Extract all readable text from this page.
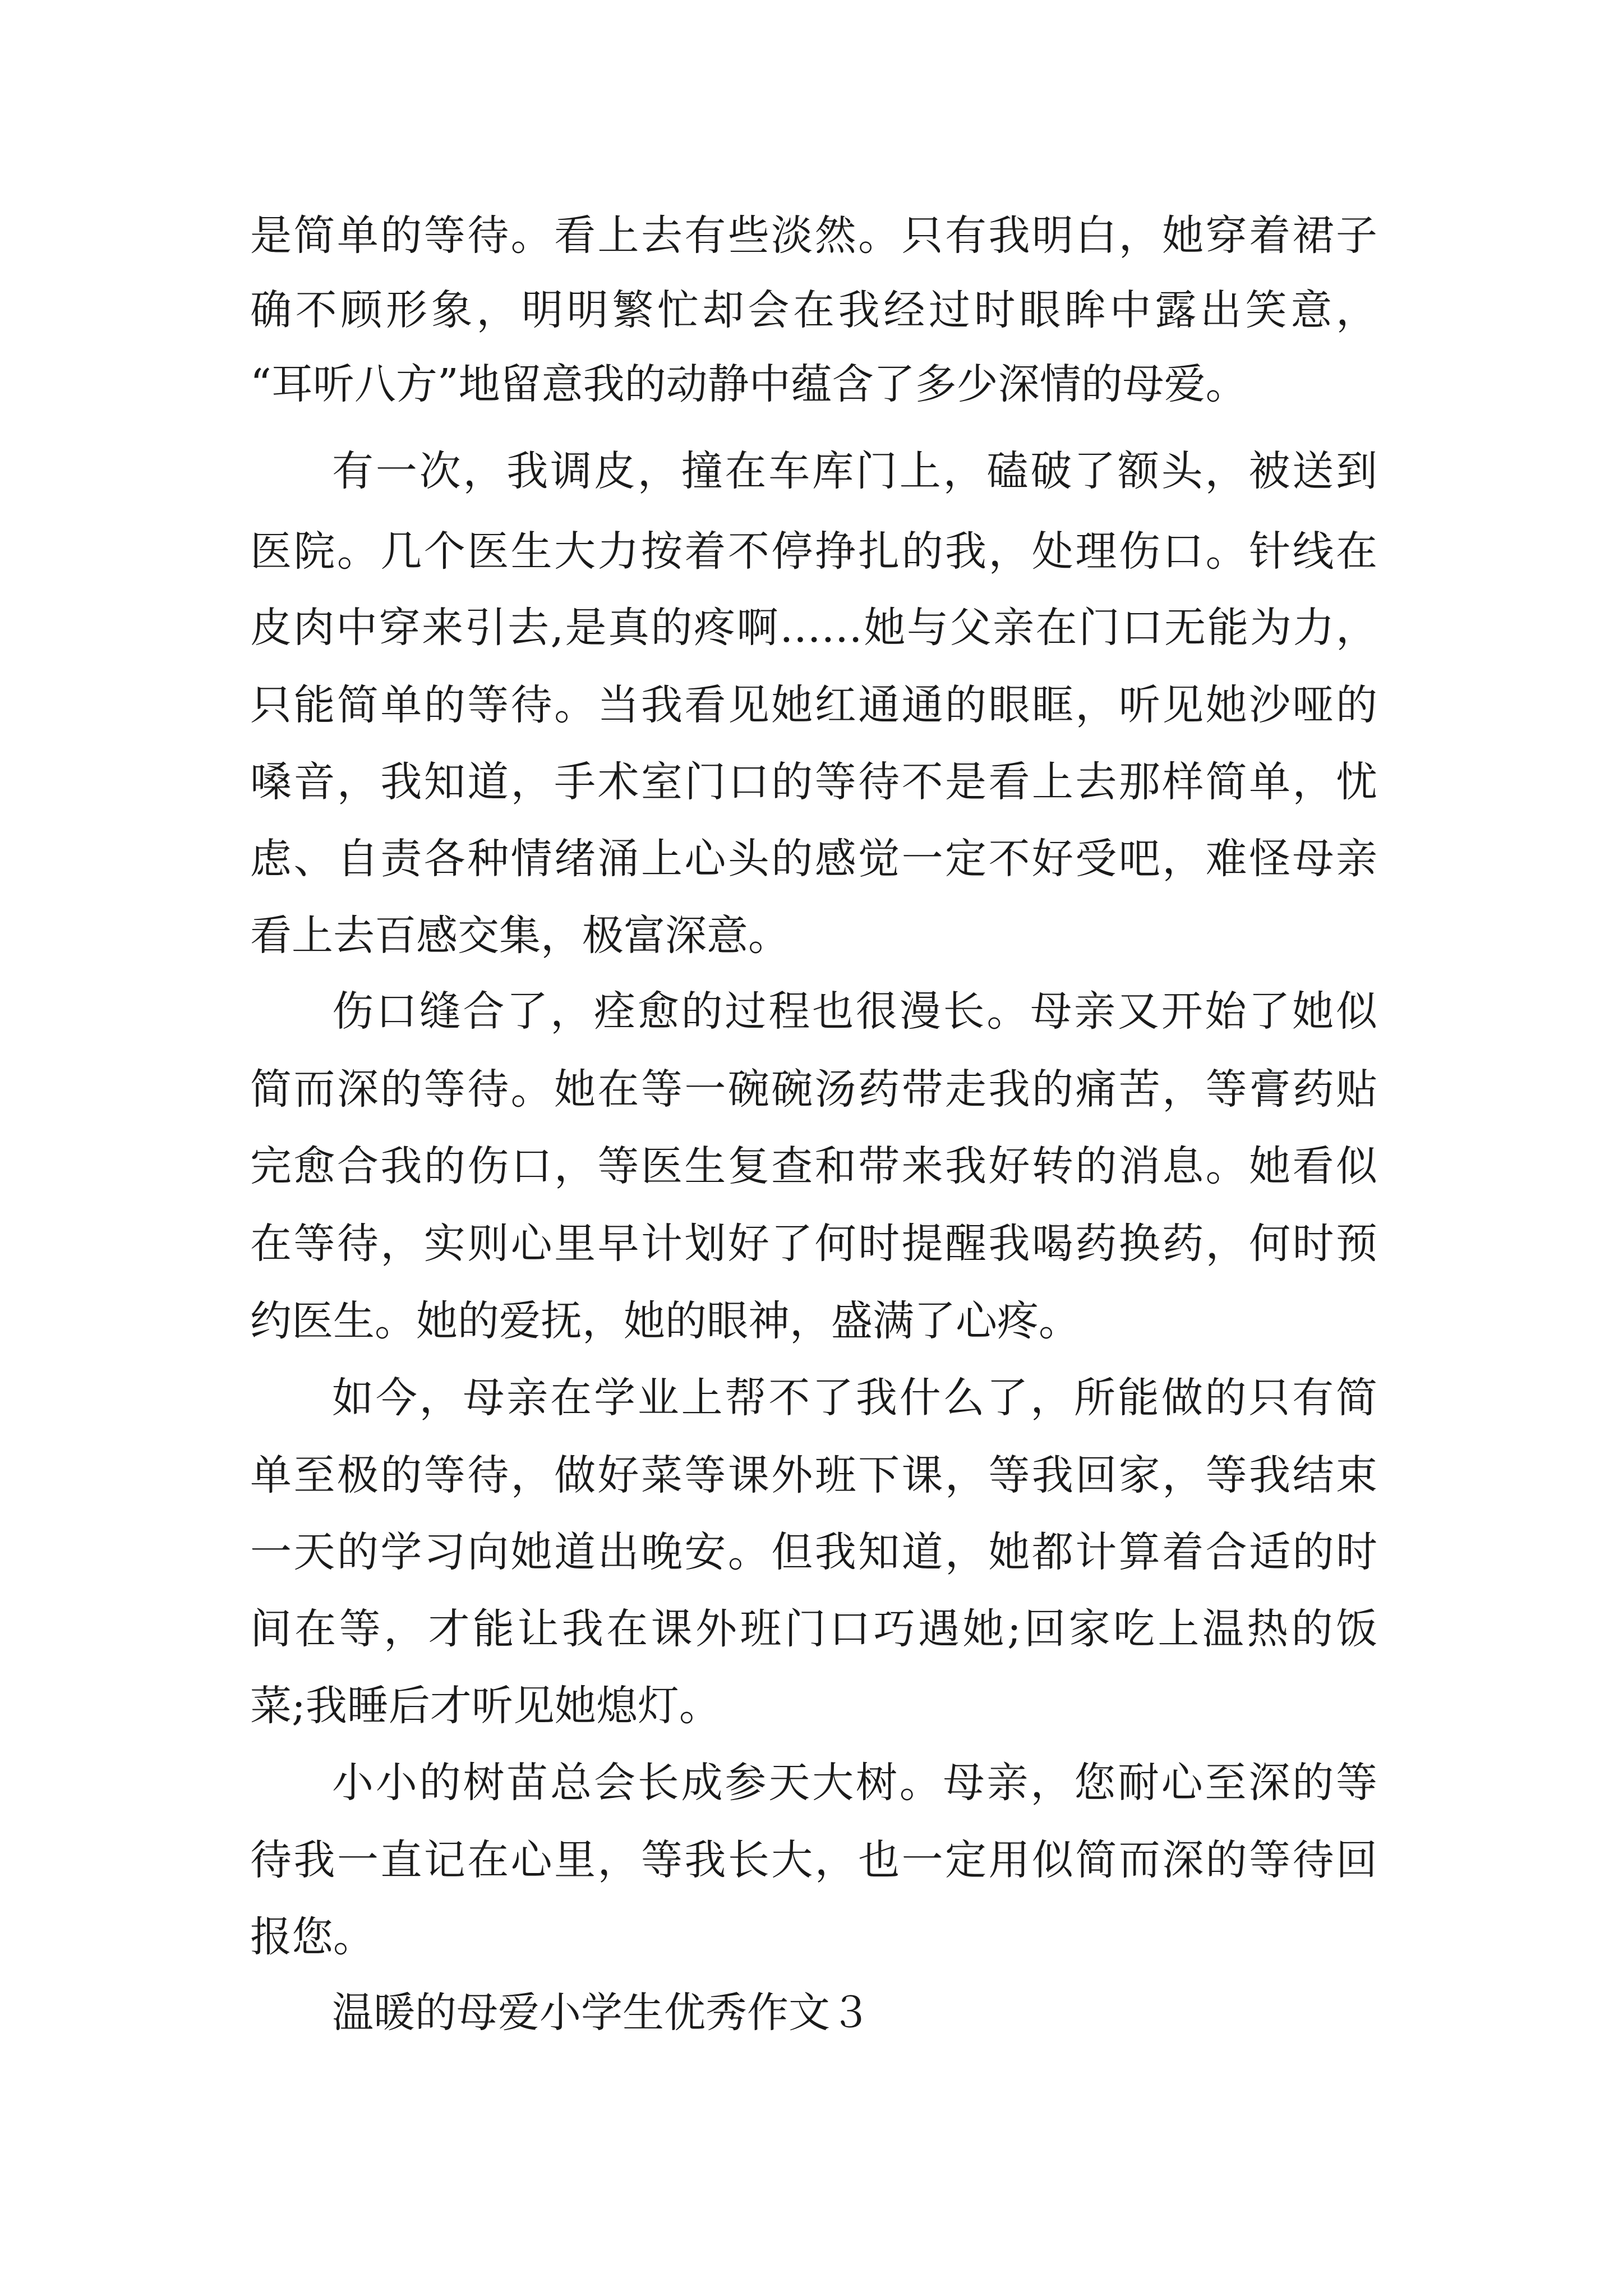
是简单的等待。看上去有些淡然。只有我明白，她穿着裙子
确不顾形象，明明繁忙却会在我经过时眼眸中露出笑意，
“耳听八方”地留意我的动静中蕴含了多少深情的母爱。
有一次，我调皮，撞在车库门上，磕破了额头，被送到
医院。几个医生大力按着不停挣扎的我，处理伤口。针线在
皮肉中穿来引去,是真的疼啊……她与父亲在门口无能为力，
只能简单的等待。当我看见她红通通的眼眶，听见她沙哑的
嗓音，我知道，手术室门口的等待不是看上去那样简单，忧
虑、自责各种情绪涌上心头的感觉一定不好受吧，难怪母亲
看上去百感交集，极富深意。
伤口缝合了，痊愈的过程也很漫长。母亲又开始了她似
简而深的等待。她在等一碗碗汤药带走我的痛苦，等膏药贴
完愈合我的伤口，等医生复查和带来我好转的消息。她看似
在等待，实则心里早计划好了何时提醒我喝药换药，何时预
约医生。她的爱抚，她的眼神，盛满了心疼。
如今，母亲在学业上帮不了我什么了，所能做的只有简
单至极的等待，做好菜等课外班下课，等我回家，等我结束
一天的学习向她道出晚安。但我知道，她都计算着合适的时
间在等，才能让我在课外班门口巧遇她;回家吃上温热的饭
菜;我睡后才听见她熄灯。
小小的树苗总会长成参天大树。母亲，您耐心至深的等
待我一直记在心里，等我长大，也一定用似简而深的等待回
报您。
温暖的母爱小学生优秀作文３
